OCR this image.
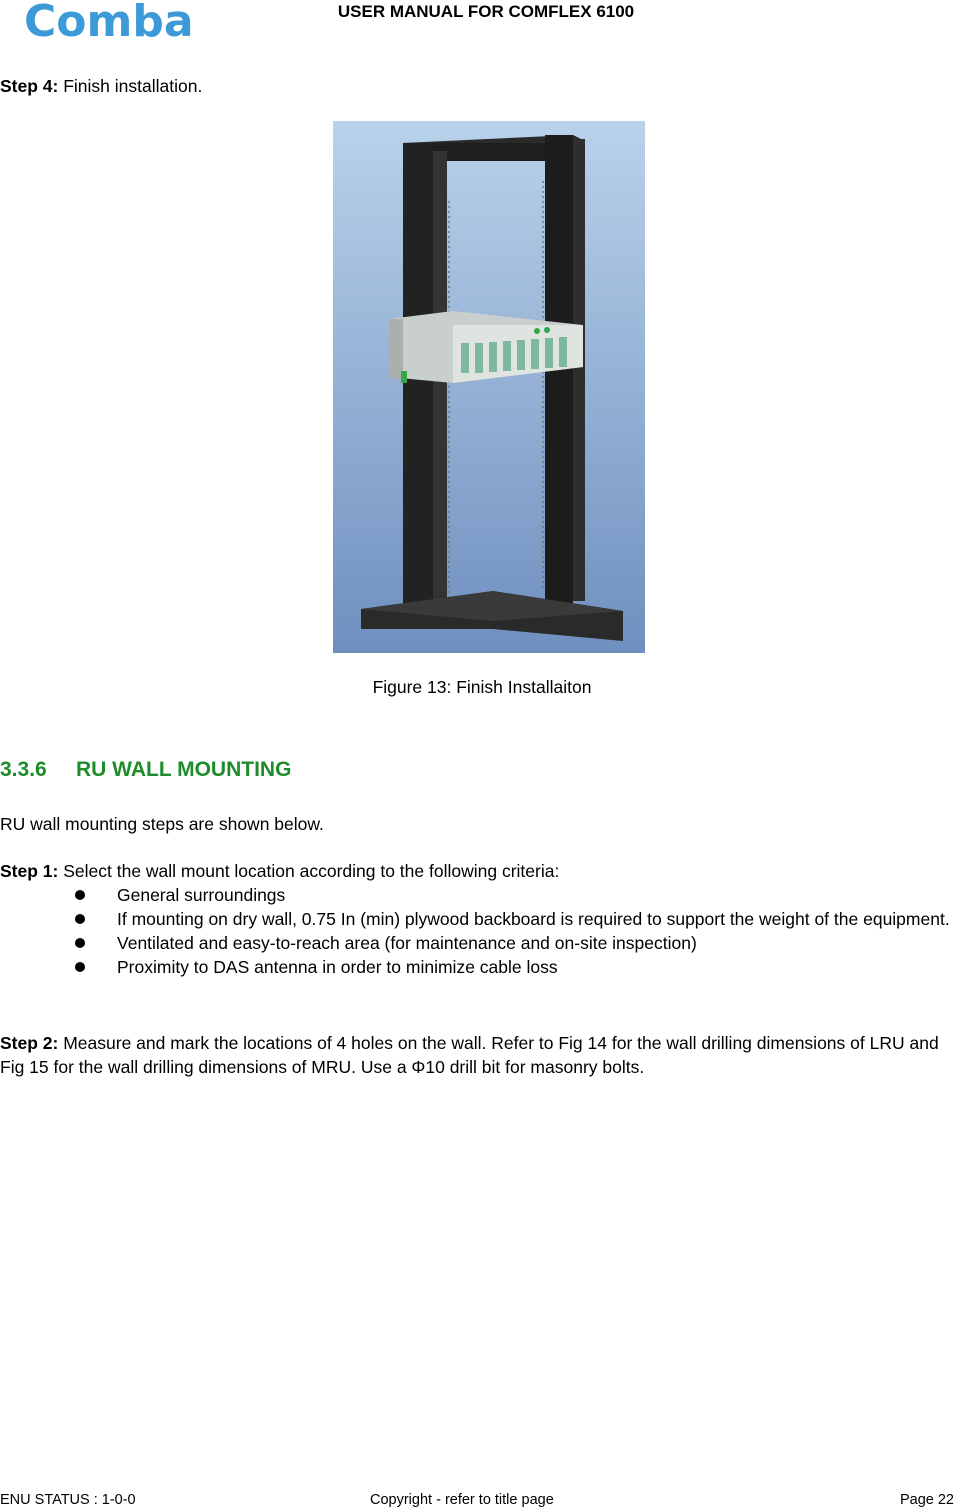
Comba	USER MANUAL FOR COMFLEX 6100
Step 4: Finish installation.
Figure 13: Finish Installaiton
3.3.6 RU WALL MOUNTING
RU wall mounting steps are shown below.
Step 1: Select the wall mount location according to the following criteria:
General surroundings
If mounting on dry wall, 0.75 In (min) plywood backboard is required to support the weight of the equipment.
Ventilated and easy-to-reach area (for maintenance and on-site inspection)
Proximity to DAS antenna in order to minimize cable loss
Step 2: Measure and mark the locations of 4 holes on the wall. Refer to Fig 14 for the wall drilling dimensions of LRU and Fig 15 for the wall drilling dimensions of MRU. Use a Φ10 drill bit for masonry bolts.
ENU STATUS : 1-0-0	Copyright - refer to title page	Page 22
